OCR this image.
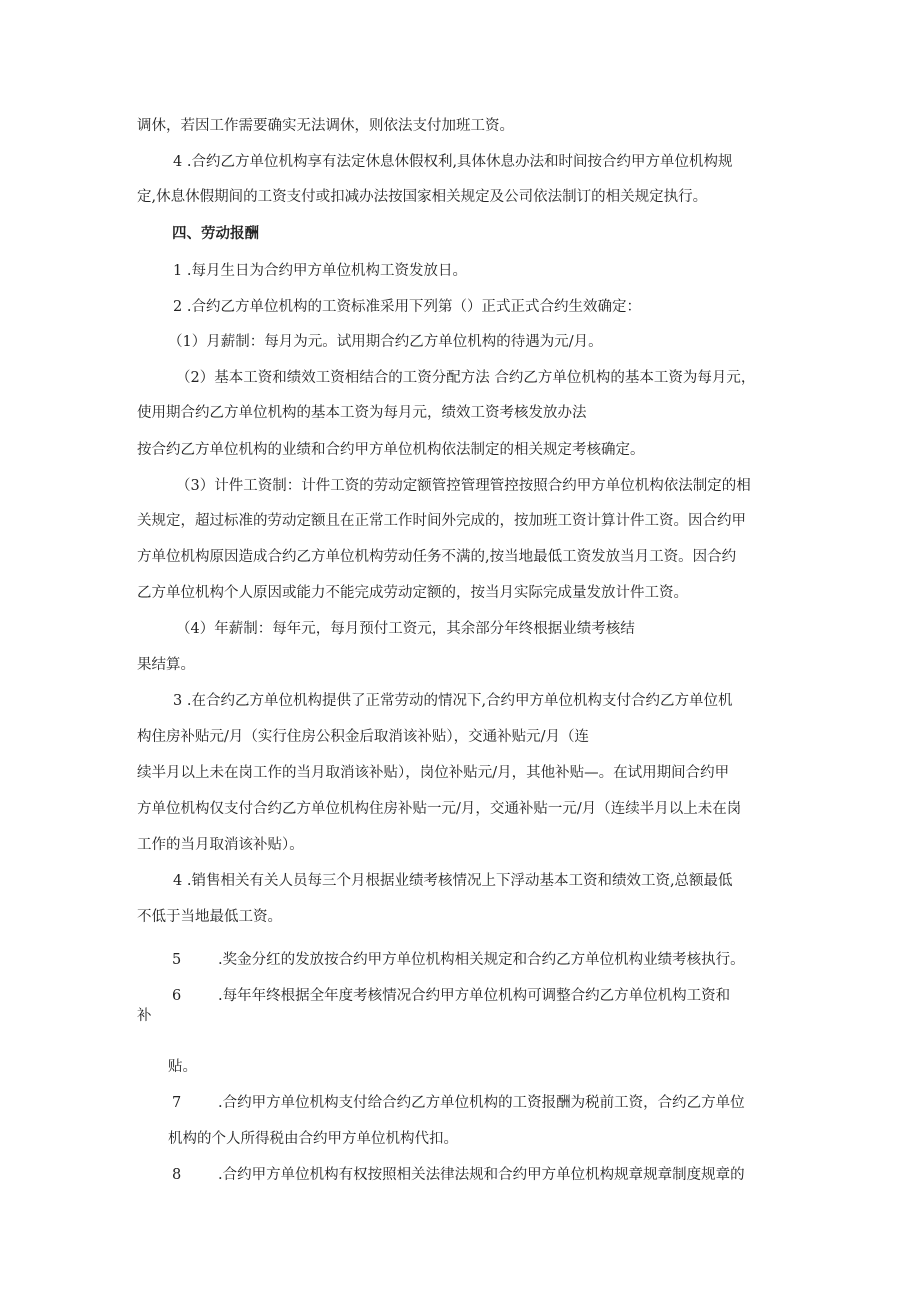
调休，若因工作需要确实无法调休，则依法支付加班工资。
4 .合约乙方单位机构享有法定休息休假权利,具体休息办法和时间按合约甲方单位机构规
定,休息休假期间的工资支付或扣减办法按国家相关规定及公司依法制订的相关规定执行。
四、劳动报酬
1 .每月生日为合约甲方单位机构工资发放日。
2 .合约乙方单位机构的工资标准采用下列第（）正式正式合约生效确定：
（1）月薪制：每月为元。试用期合约乙方单位机构的待遇为元/月。
（2）基本工资和绩效工资相结合的工资分配方法 合约乙方单位机构的基本工资为每月元，
使用期合约乙方单位机构的基本工资为每月元，绩效工资考核发放办法
按合约乙方单位机构的业绩和合约甲方单位机构依法制定的相关规定考核确定。
（3）计件工资制：计件工资的劳动定额管控管理管控按照合约甲方单位机构依法制定的相
关规定，超过标准的劳动定额且在正常工作时间外完成的，按加班工资计算计件工资。因合约甲
方单位机构原因造成合约乙方单位机构劳动任务不满的,按当地最低工资发放当月工资。因合约
乙方单位机构个人原因或能力不能完成劳动定额的，按当月实际完成量发放计件工资。
（4）年薪制：每年元，每月预付工资元，其余部分年终根据业绩考核结
果结算。
3 .在合约乙方单位机构提供了正常劳动的情况下,合约甲方单位机构支付合约乙方单位机
构住房补贴元/月（实行住房公积金后取消该补贴），交通补贴元/月（连
续半月以上未在岗工作的当月取消该补贴），岗位补贴元/月，其他补贴—。在试用期间合约甲
方单位机构仅支付合约乙方单位机构住房补贴一元/月，交通补贴一元/月（连续半月以上未在岗
工作的当月取消该补贴）。
4 .销售相关有关人员每三个月根据业绩考核情况上下浮动基本工资和绩效工资,总额最低
不低于当地最低工资。
5	.奖金分红的发放按合约甲方单位机构相关规定和合约乙方单位机构业绩考核执行。
6	.每年年终根据全年度考核情况合约甲方单位机构可调整合约乙方单位机构工资和
补
贴。
7	.合约甲方单位机构支付给合约乙方单位机构的工资报酬为税前工资，合约乙方单位
机构的个人所得税由合约甲方单位机构代扣。
8	.合约甲方单位机构有权按照相关法律法规和合约甲方单位机构规章规章制度规章的
